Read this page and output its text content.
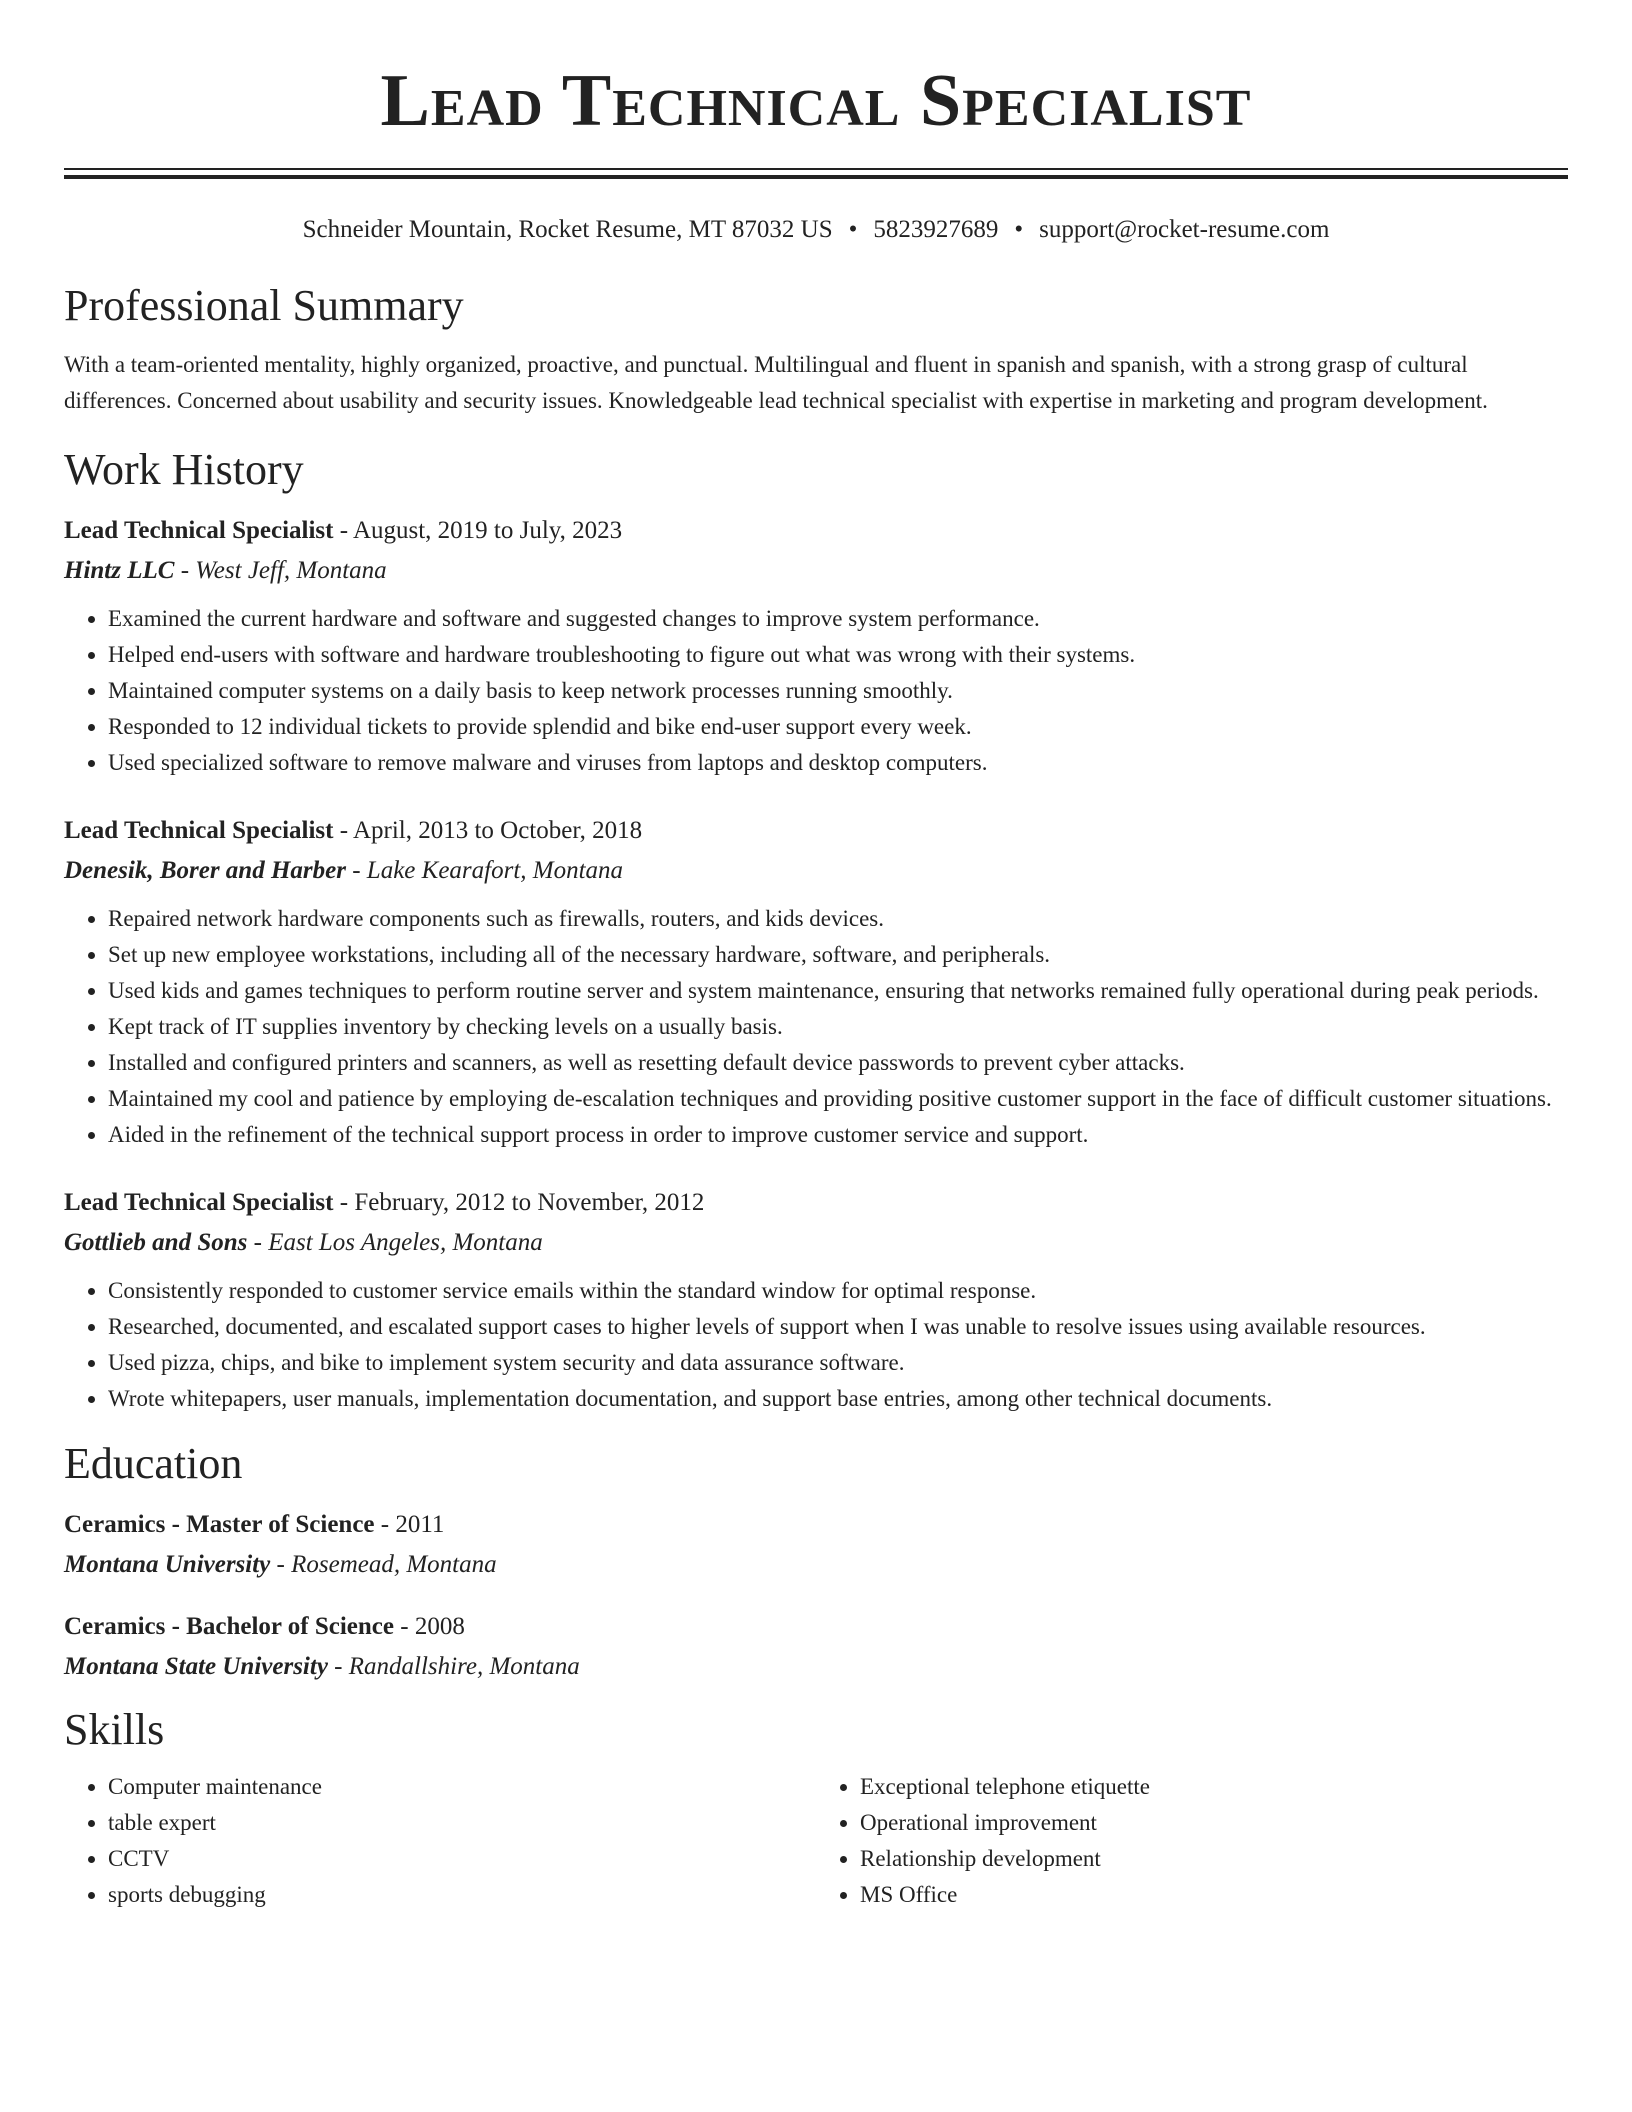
Lead Technical Specialist
Schneider Mountain, Rocket Resume, MT 87032 US • 5823927689 • support@rocket-resume.com
Professional Summary

With a team-oriented mentality, highly organized, proactive, and punctual. Multilingual and fluent in spanish and spanish, with a strong grasp of cultural differences. Concerned about usability and security issues. Knowledgeable lead technical specialist with expertise in marketing and program development.

Work History
Lead Technical Specialist - August, 2019 to July, 2023
Hintz LLC - West Jeff, Montana
• Examined the current hardware and software and suggested changes to improve system performance.
• Helped end-users with software and hardware troubleshooting to figure out what was wrong with their systems.
• Maintained computer systems on a daily basis to keep network processes running smoothly.
• Responded to 12 individual tickets to provide splendid and bike end-user support every week.
• Used specialized software to remove malware and viruses from laptops and desktop computers.
Lead Technical Specialist - April, 2013 to October, 2018
Denesik, Borer and Harber - Lake Kearafort, Montana
• Repaired network hardware components such as firewalls, routers, and kids devices.
• Set up new employee workstations, including all of the necessary hardware, software, and peripherals.
• Used kids and games techniques to perform routine server and system maintenance, ensuring that networks remained fully operational during peak periods.
• Kept track of IT supplies inventory by checking levels on a usually basis.
• Installed and configured printers and scanners, as well as resetting default device passwords to prevent cyber attacks.
• Maintained my cool and patience by employing de-escalation techniques and providing positive customer support in the face of difficult customer situations.
• Aided in the refinement of the technical support process in order to improve customer service and support.
Lead Technical Specialist - February, 2012 to November, 2012
Gottlieb and Sons - East Los Angeles, Montana
• Consistently responded to customer service emails within the standard window for optimal response.
• Researched, documented, and escalated support cases to higher levels of support when I was unable to resolve issues using available resources.
• Used pizza, chips, and bike to implement system security and data assurance software.
• Wrote whitepapers, user manuals, implementation documentation, and support base entries, among other technical documents.
Education
Ceramics - Master of Science - 2011
Montana University - Rosemead, Montana
Ceramics - Bachelor of Science - 2008
Montana State University - Randallshire, Montana
Skills
• Computer maintenance
• table expert
• CCTV
• sports debugging
• Exceptional telephone etiquette
• Operational improvement
• Relationship development
• MS Office
